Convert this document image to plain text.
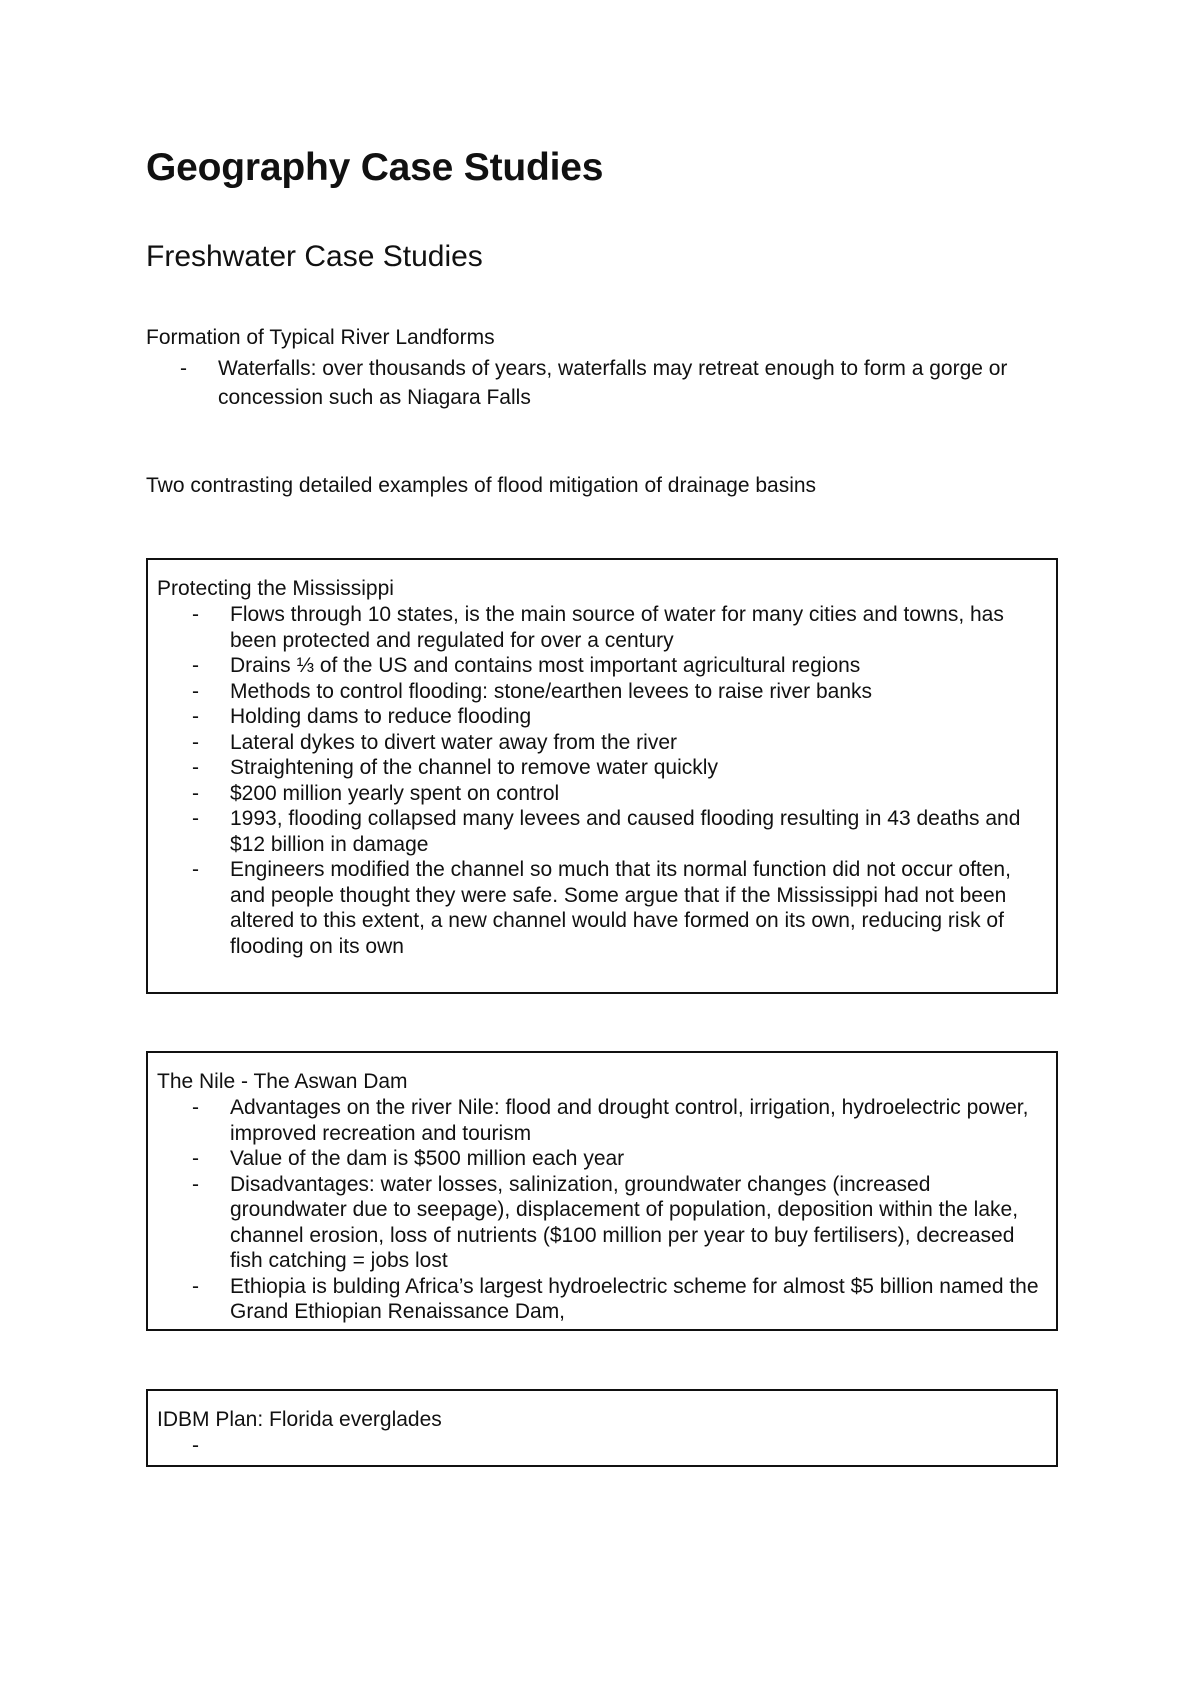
Geography Case Studies
Freshwater Case Studies

Formation of Typical River Landforms

- Waterfalls: over thousands of years, waterfalls may retreat enough to form a gorge or concession such as Niagara Falls

Two contrasting detailed examples of flood mitigation of drainage basins

Protecting the Mississippi

- Flows through 10 states, is the main source of water for many cities and towns, has been protected and regulated for over a century
- Drains ⅓ of the US and contains most important agricultural regions
- Methods to control flooding: stone/earthen levees to raise river banks
- Holding dams to reduce flooding
- Lateral dykes to divert water away from the river
- Straightening of the channel to remove water quickly
- $200 million yearly spent on control
- 1993, flooding collapsed many levees and caused flooding resulting in 43 deaths and $12 billion in damage
- Engineers modified the channel so much that its normal function did not occur often, and people thought they were safe. Some argue that if the Mississippi had not been altered to this extent, a new channel would have formed on its own, reducing risk of flooding on its own

The Nile - The Aswan Dam

- Advantages on the river Nile: flood and drought control, irrigation, hydroelectric power, improved recreation and tourism
- Value of the dam is $500 million each year
- Disadvantages: water losses, salinization, groundwater changes (increased groundwater due to seepage), displacement of population, deposition within the lake, channel erosion, loss of nutrients ($100 million per year to buy fertilisers), decreased fish catching = jobs lost
- Ethiopia is bulding Africa’s largest hydroelectric scheme for almost $5 billion named the Grand Ethiopian Renaissance Dam,

IDBM Plan: Florida everglades

-
